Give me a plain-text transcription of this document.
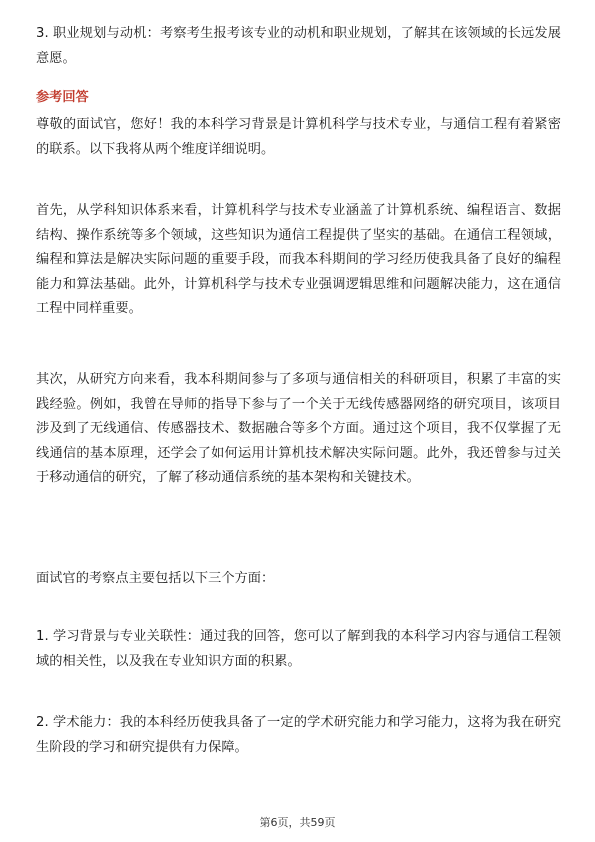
3. 职业规划与动机：考察考生报考该专业的动机和职业规划，了解其在该领域的长远发展意愿。

参考回答

尊敬的面试官，您好！我的本科学习背景是计算机科学与技术专业，与通信工程有着紧密的联系。以下我将从两个维度详细说明。

首先，从学科知识体系来看，计算机科学与技术专业涵盖了计算机系统、编程语言、数据结构、操作系统等多个领域，这些知识为通信工程提供了坚实的基础。在通信工程领域，编程和算法是解决实际问题的重要手段，而我本科期间的学习经历使我具备了良好的编程能力和算法基础。此外，计算机科学与技术专业强调逻辑思维和问题解决能力，这在通信工程中同样重要。

其次，从研究方向来看，我本科期间参与了多项与通信相关的科研项目，积累了丰富的实践经验。例如，我曾在导师的指导下参与了一个关于无线传感器网络的研究项目，该项目涉及到了无线通信、传感器技术、数据融合等多个方面。通过这个项目，我不仅掌握了无线通信的基本原理，还学会了如何运用计算机技术解决实际问题。此外，我还曾参与过关于移动通信的研究，了解了移动通信系统的基本架构和关键技术。

面试官的考察点主要包括以下三个方面：

1. 学习背景与专业关联性：通过我的回答，您可以了解到我的本科学习内容与通信工程领域的相关性，以及我在专业知识方面的积累。

2. 学术能力：我的本科经历使我具备了一定的学术研究能力和学习能力，这将为我在研究生阶段的学习和研究提供有力保障。

第6页，共59页
